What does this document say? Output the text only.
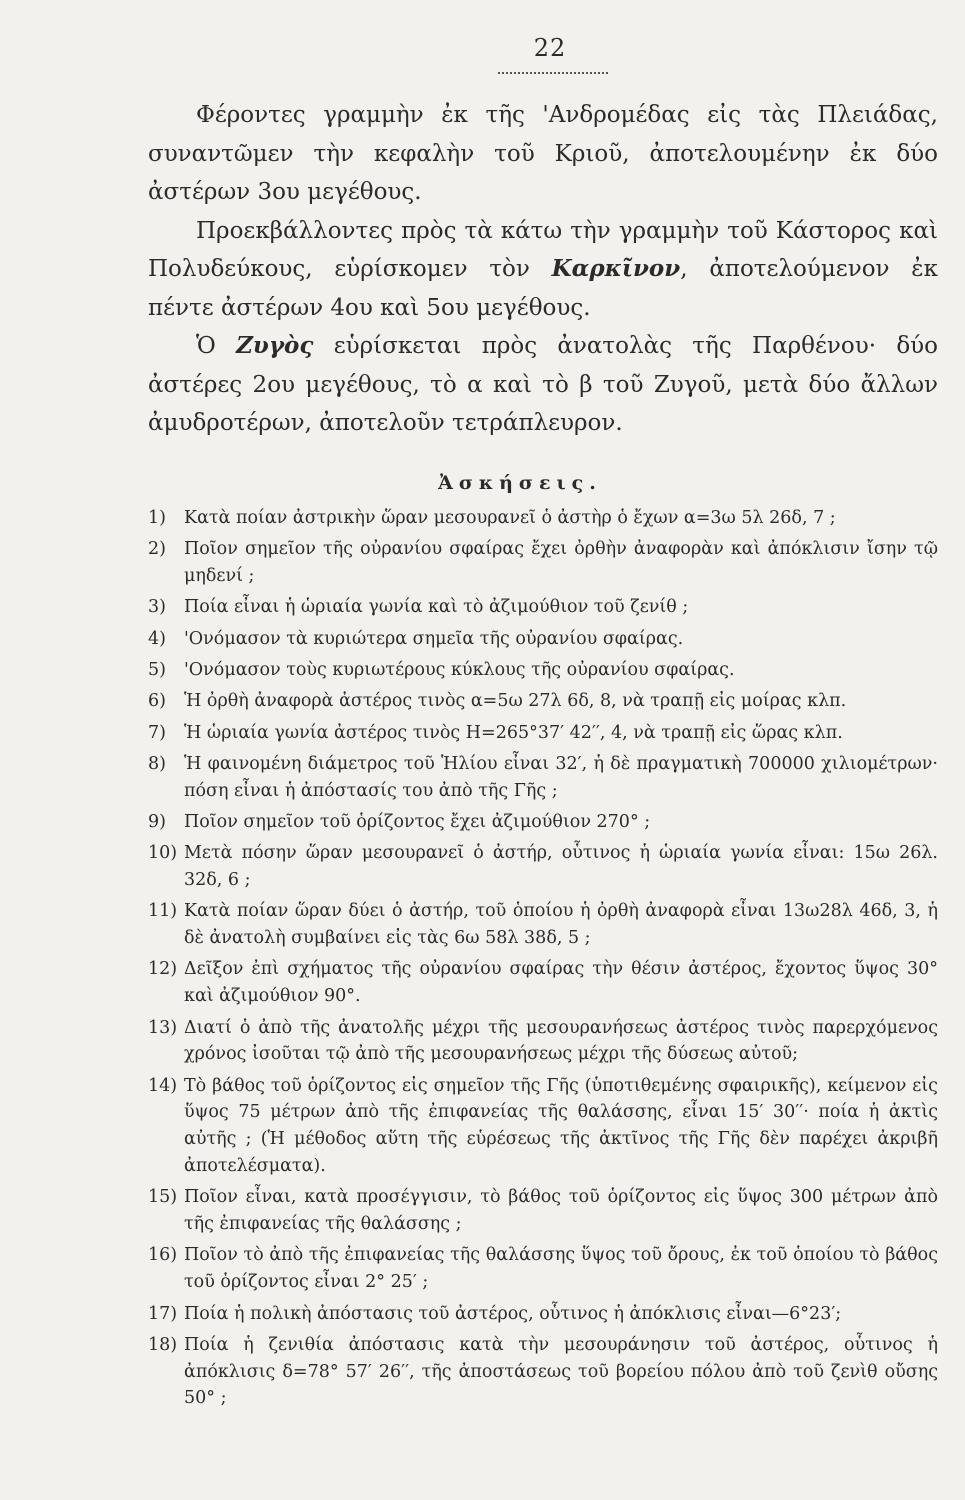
22

Φέροντες γραμμὴν ἐκ τῆς 'Ανδρομέδας εἰς τὰς Πλειάδας, συναντῶμεν τὴν κεφαλὴν τοῦ Κριοῦ, ἀποτελουμένην ἐκ δύο ἀστέρων 3ου μεγέθους.

Προεκβάλλοντες πρὸς τὰ κάτω τὴν γραμμὴν τοῦ Κάστορος καὶ Πολυδεύκους, εὑρίσκομεν τὸν Καρκῖνον, ἀποτελούμενον ἐκ πέντε ἀστέρων 4ου καὶ 5ου μεγέθους.

Ὁ Ζυγὸς εὑρίσκεται πρὸς ἀνατολὰς τῆς Παρθένου· δύο ἀστέρες 2ου μεγέθους, τὸ α καὶ τὸ β τοῦ Ζυγοῦ, μετὰ δύο ἄλλων ἀμυδροτέρων, ἀποτελοῦν τετράπλευρον.

Ἀσκήσεις.
1) Κατὰ ποίαν ἀστρικὴν ὥραν μεσουρανεῖ ὁ ἀστὴρ ὁ ἔχων α=3ω 5λ 26δ, 7 ;
2) Ποῖον σημεῖον τῆς οὐρανίου σφαίρας ἔχει ὀρθὴν ἀναφορὰν καὶ ἀπόκλισιν ἴσην τῷ μηδενί ;
3) Ποία εἶναι ἡ ὡριαία γωνία καὶ τὸ ἀζιμούθιον τοῦ ζενίθ ;
4) 'Ονόμασον τὰ κυριώτερα σημεῖα τῆς οὐρανίου σφαίρας.
5) 'Ονόμασον τοὺς κυριωτέρους κύκλους τῆς οὐρανίου σφαίρας.
6) Ἡ ὀρθὴ ἀναφορὰ ἀστέρος τινὸς α=5ω 27λ 6δ, 8, νὰ τραπῇ εἰς μοίρας κλπ.
7) Ἡ ὡριαία γωνία ἀστέρος τινὸς Η=265°37′ 42′′, 4, νὰ τραπῇ εἰς ὥρας κλπ.
8) Ἡ φαινομένη διάμετρος τοῦ Ἡλίου εἶναι 32′, ἡ δὲ πραγματικὴ 700000 χιλιομέτρων· πόση εἶναι ἡ ἀπόστασίς του ἀπὸ τῆς Γῆς ;
9) Ποῖον σημεῖον τοῦ ὁρίζοντος ἔχει ἀζιμούθιον 270° ;
10) Μετὰ πόσην ὥραν μεσουρανεῖ ὁ ἀστήρ, οὗτινος ἡ ὡριαία γωνία εἶναι: 15ω 26λ. 32δ, 6 ;
11) Κατὰ ποίαν ὥραν δύει ὁ ἀστήρ, τοῦ ὁποίου ἡ ὀρθὴ ἀναφορὰ εἶναι 13ω28λ 46δ, 3, ἡ δὲ ἀνατολὴ συμβαίνει εἰς τὰς 6ω 58λ 38δ, 5 ;
12) Δεῖξον ἐπὶ σχήματος τῆς οὐρανίου σφαίρας τὴν θέσιν ἀστέρος, ἔχοντος ὕψος 30° καὶ ἀζιμούθιον 90°.
13) Διατί ὁ ἀπὸ τῆς ἀνατολῆς μέχρι τῆς μεσουρανήσεως ἀστέρος τινὸς παρερχόμενος χρόνος ἰσοῦται τῷ ἀπὸ τῆς μεσουρανήσεως μέχρι τῆς δύσεως αὐτοῦ;
14) Τὸ βάθος τοῦ ὁρίζοντος εἰς σημεῖον τῆς Γῆς (ὑποτιθεμένης σφαιρικῆς), κείμενον εἰς ὕψος 75 μέτρων ἀπὸ τῆς ἐπιφανείας τῆς θαλάσσης, εἶναι 15′ 30′′· ποία ἡ ἀκτὶς αὐτῆς ; (Ἡ μέθοδος αὕτη τῆς εὑρέσεως τῆς ἀκτῖνος τῆς Γῆς δὲν παρέχει ἀκριβῆ ἀποτελέσματα).
15) Ποῖον εἶναι, κατὰ προσέγγισιν, τὸ βάθος τοῦ ὁρίζοντος εἰς ὕψος 300 μέτρων ἀπὸ τῆς ἐπιφανείας τῆς θαλάσσης ;
16) Ποῖον τὸ ἀπὸ τῆς ἐπιφανείας τῆς θαλάσσης ὕψος τοῦ ὄρους, ἐκ τοῦ ὁποίου τὸ βάθος τοῦ ὁρίζοντος εἶναι 2° 25′ ;
17) Ποία ἡ πολικὴ ἀπόστασις τοῦ ἀστέρος, οὗτινος ἡ ἀπόκλισις εἶναι—6°23′;
18) Ποία ἡ ζενιθία ἀπόστασις κατὰ τὴν μεσουράνησιν τοῦ ἀστέρος, οὗτινος ἡ ἀπόκλισις δ=78° 57′ 26′′, τῆς ἀποστάσεως τοῦ βορείου πόλου ἀπὸ τοῦ ζενὶθ οὔσης 50° ;
